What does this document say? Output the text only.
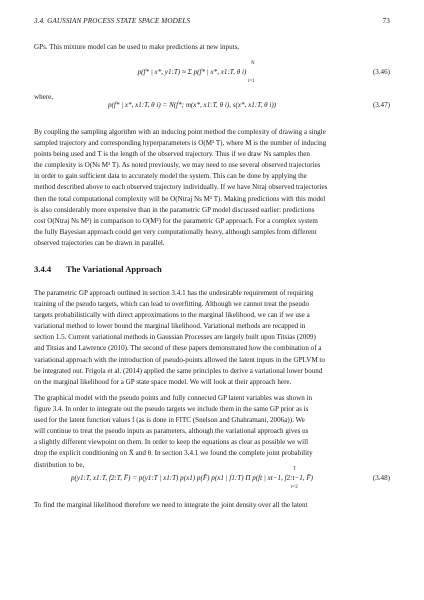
3.4. GAUSSIAN PROCESS STATE SPACE MODELS	73
GPs. This mixture model can be used to make predictions at new inputs,
p(f* | x*, y1:T) ≈ Σ p(f* | x*, x1:T, θ i)
N
i=1
(3.46)
where,
p(f* | x*, x1:T, θ i) = N(f*; m(x*, x1:T, θ i), s(x*, x1:T, θ i))	(3.47)
By coupling the sampling algorithm with an inducing point method the complexity of drawing a single
sampled trajectory and corresponding hyperparameters is O(M² T), where M is the number of inducing
points being used and T is the length of the observed trajectory. Thus if we draw Ns samples then
the complexity is O(Ns M² T). As noted previously, we may need to use several observed trajectories
in order to gain sufficient data to accurately model the system. This can be done by applying the
method described above to each observed trajectory individually. If we have Ntraj observed trajectories
then the total computational complexity will be O(Ntraj Ns M² T). Making predictions with this model
is also considerably more expensive than in the parametric GP model discussed earlier: predictions
cost O(Ntraj Ns M²) in comparison to O(M²) for the parametric GP approach. For a complex system
the fully Bayesian approach could get very computationally heavy, although samples from different
observed trajectories can be drawn in parallel.
3.4.4 The Variational Approach
The parametric GP approach outlined in section 3.4.1 has the undesirable requirement of requiring
training of the pseudo targets, which can lead to overfitting. Although we cannot treat the pseudo
targets probabilistically with direct approximations to the marginal likelihood, we can if we use a
variational method to lower bound the marginal likelihood. Variational methods are recapped in
section 1.5. Current variational methods in Gaussian Processes are largely built upon Titsias (2009)
and Titsias and Lawrence (2010). The second of these papers demonstrated how the combination of a
variational approach with the introduction of pseudo-points allowed the latent inputs in the GPLVM to
be integrated out. Frigola et al. (2014) applied the same principles to derive a variational lower bound
on the marginal likelihood for a GP state space model. We will look at their approach here.
The graphical model with the pseudo points and fully connected GP latent variables was shown in
figure 3.4. In order to integrate out the pseudo targets we include them in the same GP prior as is
used for the latent function values f (as is done in FITC (Snelson and Ghahramani, 2006a)). We
will continue to treat the pseudo inputs as parameters, although the variational approach gives us
a slightly different viewpoint on them. In order to keep the equations as clear as possible we will
drop the explicit conditioning on X̄ and θ. In section 3.4.1 we found the complete joint probability
distribution to be,
p(y1:T, x1:T, f2:T, F̄) = p(y1:T | x1:T) p(x1) p(F̄) p(x1 | f1:T) Π p(ft | xt−1, f2:t−1, F̄)
T
t=2
(3.48)
To find the marginal likelihood therefore we need to integrate the joint density over all the latent
